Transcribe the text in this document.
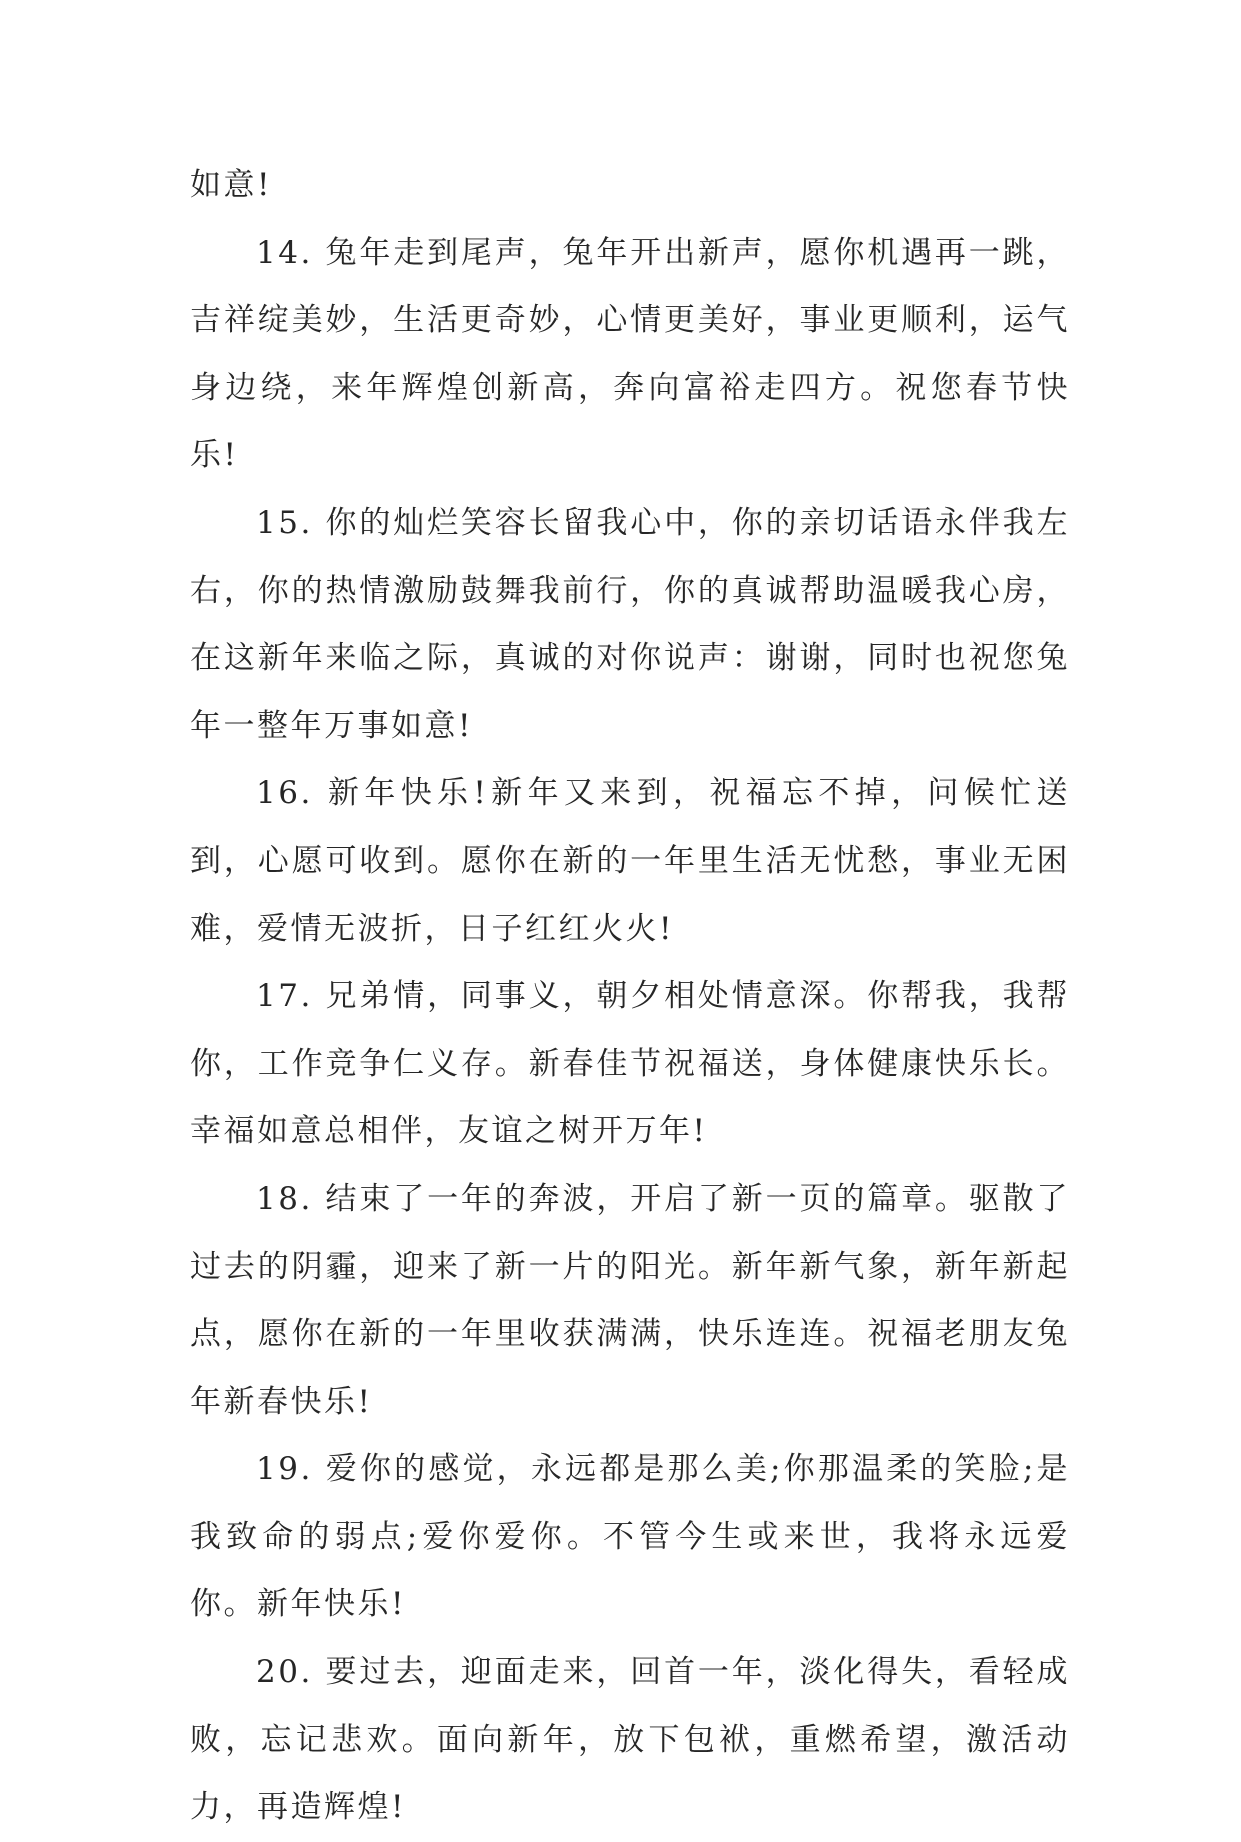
如意!

14. 兔年走到尾声，兔年开出新声，愿你机遇再一跳，吉祥绽美妙，生活更奇妙，心情更美好，事业更顺利，运气身边绕，来年辉煌创新高，奔向富裕走四方。祝您春节快乐!

15. 你的灿烂笑容长留我心中，你的亲切话语永伴我左右，你的热情激励鼓舞我前行，你的真诚帮助温暖我心房，在这新年来临之际，真诚的对你说声：谢谢，同时也祝您兔年一整年万事如意!

16. 新年快乐!新年又来到，祝福忘不掉，问候忙送到，心愿可收到。愿你在新的一年里生活无忧愁，事业无困难，爱情无波折，日子红红火火!

17. 兄弟情，同事义，朝夕相处情意深。你帮我，我帮你，工作竞争仁义存。新春佳节祝福送，身体健康快乐长。幸福如意总相伴，友谊之树开万年!

18. 结束了一年的奔波，开启了新一页的篇章。驱散了过去的阴霾，迎来了新一片的阳光。新年新气象，新年新起点，愿你在新的一年里收获满满，快乐连连。祝福老朋友兔年新春快乐!

19. 爱你的感觉，永远都是那么美;你那温柔的笑脸;是我致命的弱点;爱你爱你。不管今生或来世，我将永远爱你。新年快乐!

20. 要过去，迎面走来，回首一年，淡化得失，看轻成败，忘记悲欢。面向新年，放下包袱，重燃希望，激活动力，再造辉煌!
